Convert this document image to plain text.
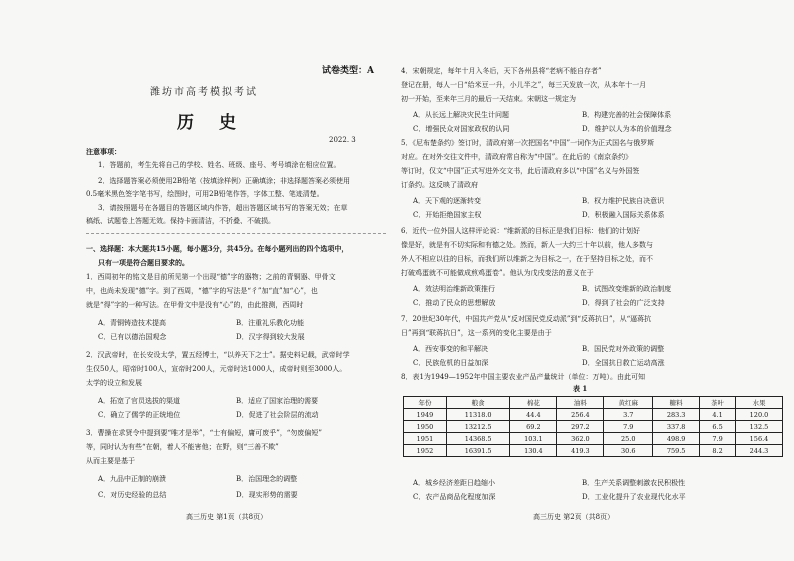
试卷类型：A
潍坊市高考模拟考试
历　史
2022. 3
注意事项：
1．答题前，考生先将自己的学校、姓名、班级、座号、考号填涂在相应位置。
2．选择题答案必须使用2B铅笔（按填涂样例）正确填涂；非选择题答案必须使用
0.5毫米黑色签字笔书写，绘图时，可用2B铅笔作答，字体工整、笔迹清楚。
3．请按照题号在各题目的答题区域内作答，超出答题区域书写的答案无效；在草
稿纸、试题卷上答题无效。保持卡面清洁，不折叠、不破损。
一、选择题：本大题共15小题，每小题3分，共45分。在每小题列出的四个选项中，
只有一项是符合题目要求的。
1．西周初年的铭文是目前所见第一个出现“德”字的器物；之前的青铜器、甲骨文
中，也尚未发现“德”字。到了西周，“德”字的写法是“彳”加“直”加“心”，也
就是“得”字的一种写法。在甲骨文中是没有“心”的，由此推测，西周时
A．青铜铸造技术提高	B．注重礼乐教化功能
C．已有以德治国观念	D．汉字得到较大发展
2．汉武帝时，在长安设太学，置五经博士，“以养天下之士”。据史料记载，武帝时学
生仅50人，昭帝时100人，宣帝时200人，元帝时达1000人，成帝时则至3000人。
太学的设立和发展
A．拓宽了官员选拔的渠道	B．适应了国家治理的需要
C．确立了儒学的正统地位	D．促进了社会阶层的流动
3．曹操在求贤令中提到要“唯才是举”，“士有偏短，庸可废乎”，“勿废偏短”
等，同时认为有些“在朝，着人不能害他；在野，则“三善不欺”
从而主要是基于
A．九品中正制的崩溃	B．治国理念的调整
C．对历史经验的总结	D．现实形势的需要
高三历史 第1页（共8页）
4．宋朝规定，每年十月入冬后，天下各州县将“老病不能自存者”
登记在册，每人一日“给米豆一升，小儿半之”，每三天发放一次，从本年十一月
初一开始，至来年三月的最后一天结束。宋朝这一规定为
A．从长远上解决灾民生计问题	B．构建完善的社会保障体系
C．增强民众对国家政权的认同	D．维护以人为本的价值理念
5．《尼布楚条约》签订时，清政府第一次把国名“中国”一词作为正式国名与俄罗斯
对应。在对外交往文件中，清政府常自称为“中国”。在此后的《南京条约》
等订时，仅文“中国”正式写进外交文书，此后清政府多以“中国”名义与外国签
订条约。这反映了清政府
A．天下观的逐渐转变	B．权力维护民族自决意识
C．开始拒绝国家主权	D．积极融入国际关系体系
6．近代一位外国人这样评论说：“维新派的目标正是我们目标：他们的计划好
像是好，就是有不切实际和有德之处。然而，新人一大约三十年以前，他人多数与
外人不相应以往的目标，而我们所以维新之为目标之一，在于坚持目标之处，而不
打破鸡蛋就不可能做成煎鸡蛋卷”。他认为戊戌变法的意义在于
A．效法明治维新政策推行	B．试图改变维新的政治制度
C．推动了民众的思想解放	D．得到了社会的广泛支持
7．20世纪30年代，中国共产党从“反对国民党反动派”到“反蒋抗日”，从“逼蒋抗
日”再到“联蒋抗日”，这一系列的变化主要是由于
A．西安事变的和平解决	B．国民党对外政策的调整
C．民族危机的日益加深	D．全国抗日救亡运动高涨
8．表1为1949—1952年中国主要农业产品产量统计（单位：万吨）。由此可知
表 1
年份	粮食	棉花	油料	黄红麻	糖料	茶叶	水果
1949	11318.0	44.4	256.4	3.7	283.3	4.1	120.0
1950	13212.5	69.2	297.2	7.9	337.8	6.5	132.5
1951	14368.5	103.1	362.0	25.0	498.9	7.9	156.4
1952	16391.5	130.4	419.3	30.6	759.5	8.2	244.3
A．城乡经济差距日趋缩小	B．生产关系调整刺激农民积极性
C．农产品商品化程度加深	D．工业化提升了农业现代化水平
高三历史 第2页（共8页）
